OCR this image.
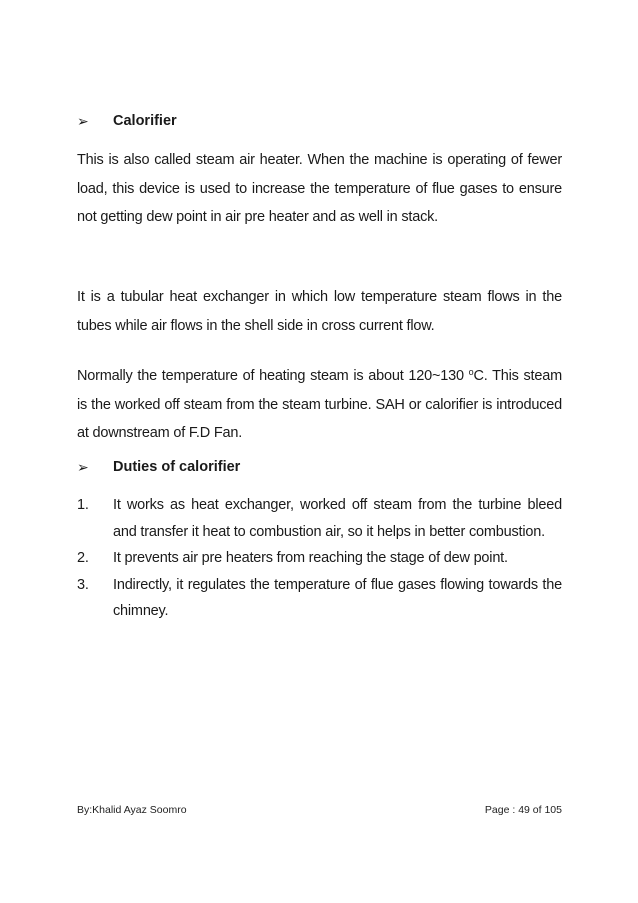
➢	Calorifier
This is also called steam air heater. When the machine is operating of fewer load, this device is used to increase the temperature of flue gases to ensure not getting dew point in air pre heater and as well in stack.
It is a tubular heat exchanger in which low temperature steam flows in the tubes while air flows in the shell side in cross current flow.
Normally the temperature of heating steam is about 120~130 $^o$C. This steam is the worked off steam from the steam turbine. SAH or calorifier is introduced at downstream of F.D Fan.
➢	Duties of calorifier
1.	It works as heat exchanger, worked off steam from the turbine bleed and transfer it heat to combustion air, so it helps in better combustion.
2.	It prevents air pre heaters from reaching the stage of dew point.
3.	Indirectly, it regulates the temperature of flue gases flowing towards the chimney.
By:Khalid Ayaz Soomro	Page : 49 of 105
